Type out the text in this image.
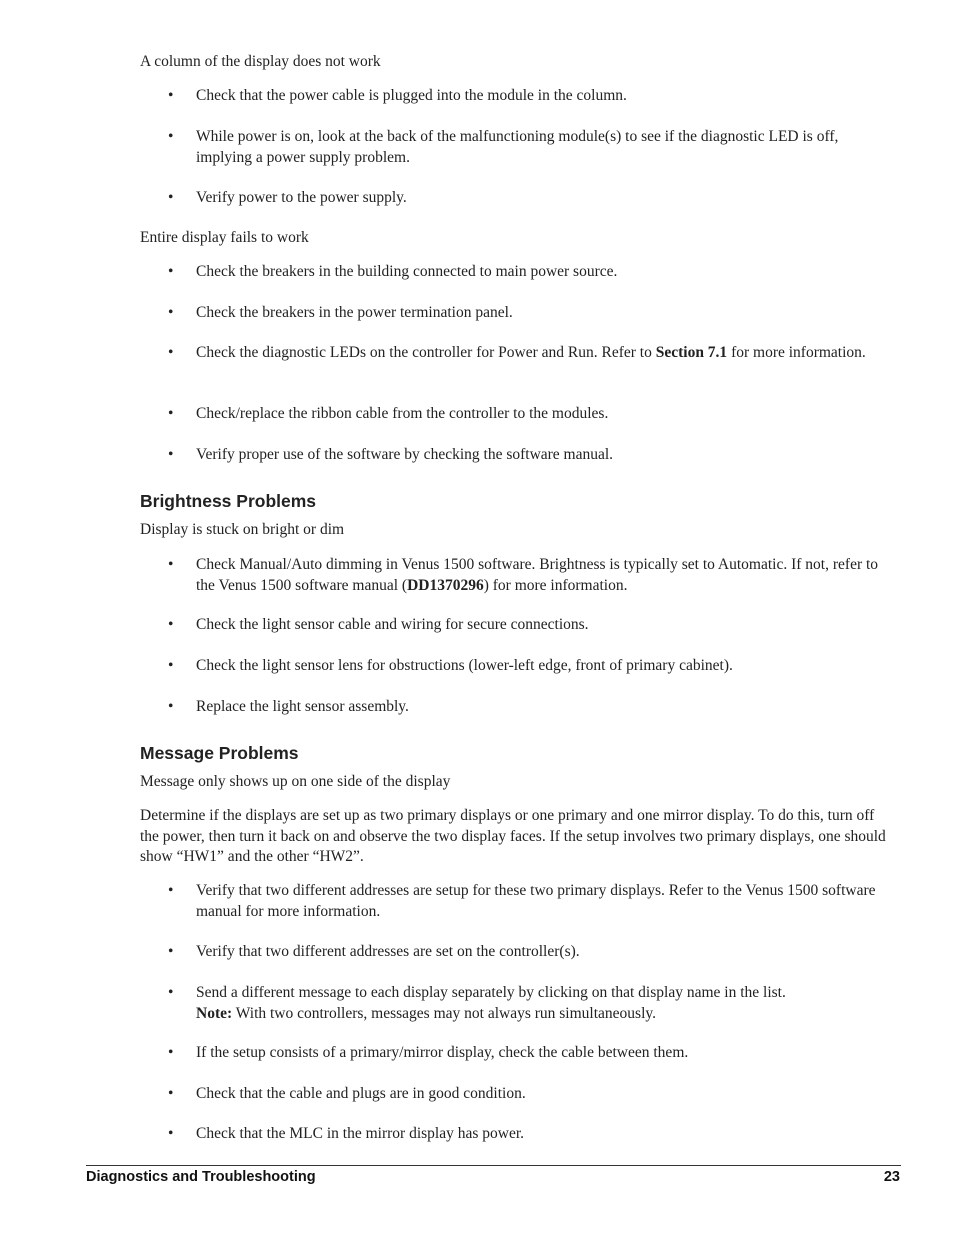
A column of the display does not work
• Check that the power cable is plugged into the module in the column.
• While power is on, look at the back of the malfunctioning module(s) to see if the diagnostic LED is off, implying a power supply problem.
• Verify power to the power supply.
Entire display fails to work
• Check the breakers in the building connected to main power source.
• Check the breakers in the power termination panel.
• Check the diagnostic LEDs on the controller for Power and Run. Refer to Section 7.1 for more information.
• Check/replace the ribbon cable from the controller to the modules.
• Verify proper use of the software by checking the software manual.
Brightness Problems
Display is stuck on bright or dim
• Check Manual/Auto dimming in Venus 1500 software. Brightness is typically set to Automatic. If not, refer to the Venus 1500 software manual (DD1370296) for more information.
• Check the light sensor cable and wiring for secure connections.
• Check the light sensor lens for obstructions (lower-left edge, front of primary cabinet).
• Replace the light sensor assembly.
Message Problems
Message only shows up on one side of the display
Determine if the displays are set up as two primary displays or one primary and one mirror display. To do this, turn off the power, then turn it back on and observe the two display faces. If the setup involves two primary displays, one should show “HW1” and the other “HW2”.
• Verify that two different addresses are setup for these two primary displays. Refer to the Venus 1500 software manual for more information.
• Verify that two different addresses are set on the controller(s).
• Send a different message to each display separately by clicking on that display name in the list.
Note: With two controllers, messages may not always run simultaneously.
• If the setup consists of a primary/mirror display, check the cable between them.
• Check that the cable and plugs are in good condition.
• Check that the MLC in the mirror display has power.
Diagnostics and Troubleshooting	23
